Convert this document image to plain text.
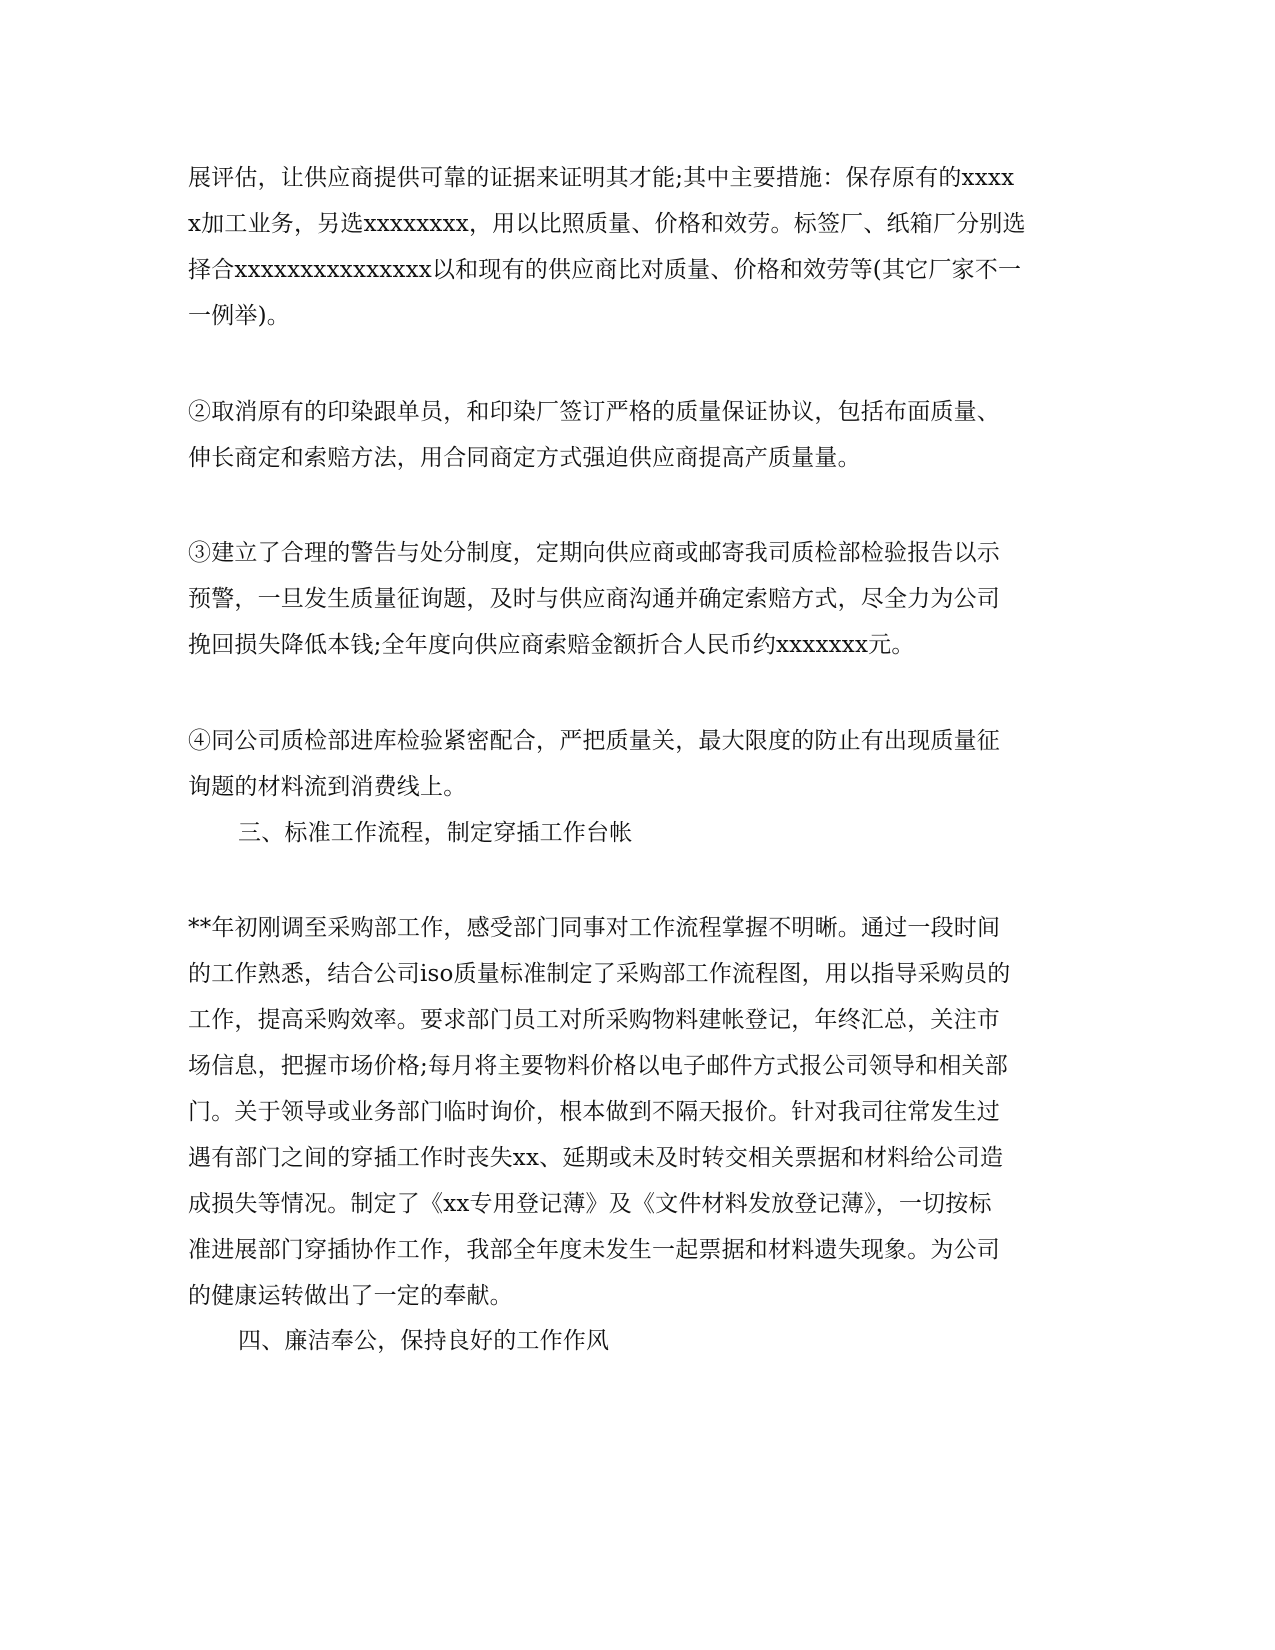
展评估，让供应商提供可靠的证据来证明其才能;其中主要措施：保存原有的xxxx
x加工业务，另选xxxxxxxx，用以比照质量、价格和效劳。标签厂、纸箱厂分别选
择合xxxxxxxxxxxxxxx以和现有的供应商比对质量、价格和效劳等(其它厂家不一
一例举)。
②取消原有的印染跟单员，和印染厂签订严格的质量保证协议，包括布面质量、
伸长商定和索赔方法，用合同商定方式强迫供应商提高产质量量。
③建立了合理的警告与处分制度，定期向供应商或邮寄我司质检部检验报告以示
预警，一旦发生质量征询题，及时与供应商沟通并确定索赔方式，尽全力为公司
挽回损失降低本钱;全年度向供应商索赔金额折合人民币约xxxxxxx元。
④同公司质检部进库检验紧密配合，严把质量关，最大限度的防止有出现质量征
询题的材料流到消费线上。
三、标准工作流程，制定穿插工作台帐
**年初刚调至采购部工作，感受部门同事对工作流程掌握不明晰。通过一段时间
的工作熟悉，结合公司iso质量标准制定了采购部工作流程图，用以指导采购员的
工作，提高采购效率。要求部门员工对所采购物料建帐登记，年终汇总，关注市
场信息，把握市场价格;每月将主要物料价格以电子邮件方式报公司领导和相关部
门。关于领导或业务部门临时询价，根本做到不隔天报价。针对我司往常发生过
遇有部门之间的穿插工作时丧失xx、延期或未及时转交相关票据和材料给公司造
成损失等情况。制定了《xx专用登记薄》及《文件材料发放登记薄》，一切按标
准进展部门穿插协作工作，我部全年度未发生一起票据和材料遗失现象。为公司
的健康运转做出了一定的奉献。
四、廉洁奉公，保持良好的工作作风
